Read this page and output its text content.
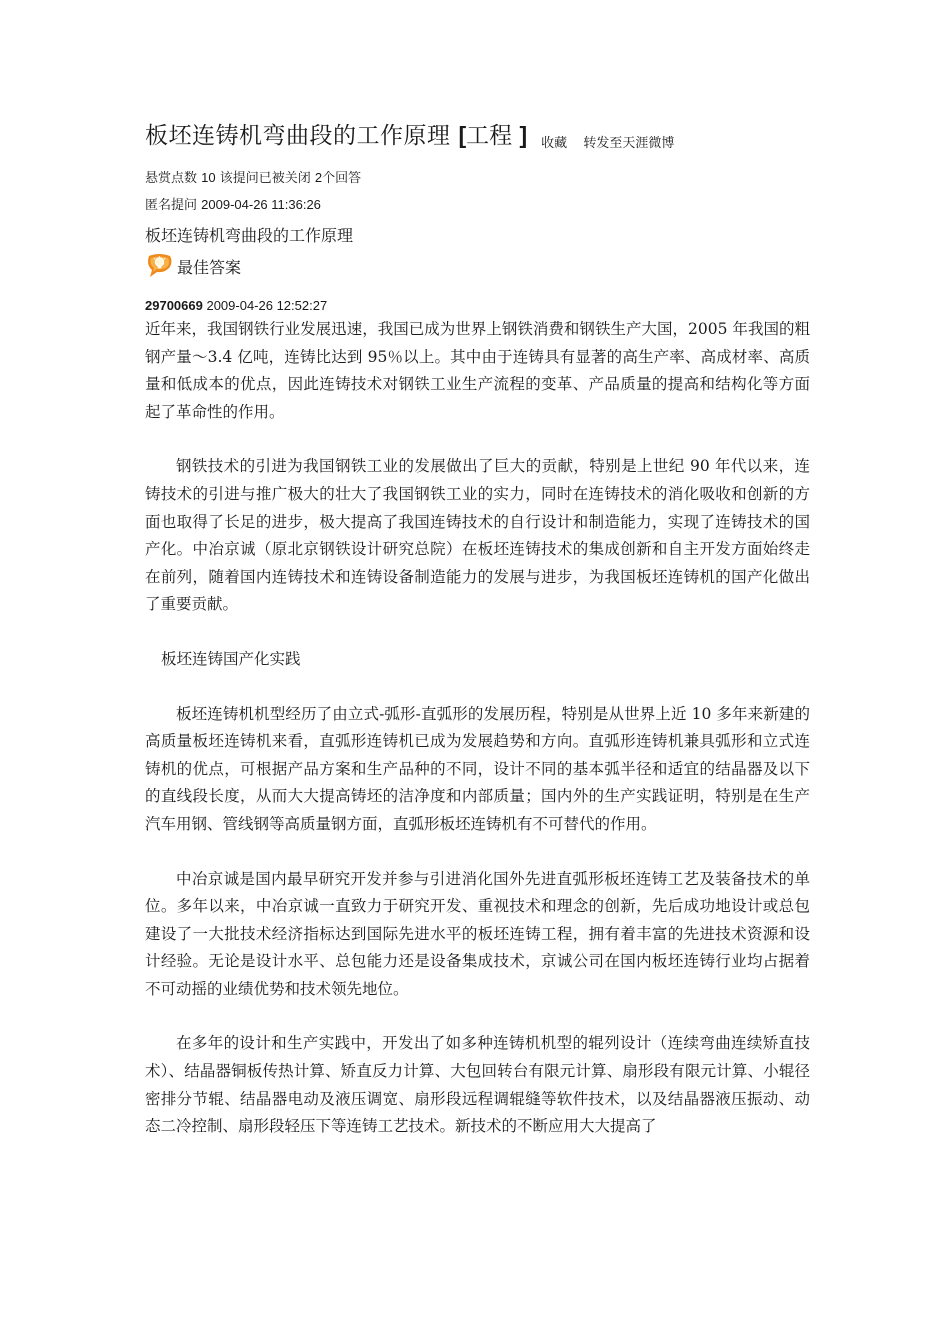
板坯连铸机弯曲段的工作原理 [工程 ] 收藏 转发至天涯微博
悬赏点数 10 该提问已被关闭 2个回答
匿名提问 2009-04-26 11:36:26
板坯连铸机弯曲段的工作原理
最佳答案
29700669 2009-04-26 12:52:27

近年来，我国钢铁行业发展迅速，我国已成为世界上钢铁消费和钢铁生产大国，2005 年我国的粗钢产量～3.4 亿吨，连铸比达到 95％以上。其中由于连铸具有显著的高生产率、高成材率、高质量和低成本的优点，因此连铸技术对钢铁工业生产流程的变革、产品质量的提高和结构化等方面起了革命性的作用。

钢铁技术的引进为我国钢铁工业的发展做出了巨大的贡献，特别是上世纪 90 年代以来，连铸技术的引进与推广极大的壮大了我国钢铁工业的实力，同时在连铸技术的消化吸收和创新的方面也取得了长足的进步，极大提高了我国连铸技术的自行设计和制造能力，实现了连铸技术的国产化。中冶京诚（原北京钢铁设计研究总院）在板坯连铸技术的集成创新和自主开发方面始终走在前列，随着国内连铸技术和连铸设备制造能力的发展与进步，为我国板坯连铸机的国产化做出了重要贡献。

板坯连铸国产化实践

板坯连铸机机型经历了由立式-弧形-直弧形的发展历程，特别是从世界上近 10 多年来新建的高质量板坯连铸机来看，直弧形连铸机已成为发展趋势和方向。直弧形连铸机兼具弧形和立式连铸机的优点，可根据产品方案和生产品种的不同，设计不同的基本弧半径和适宜的结晶器及以下的直线段长度，从而大大提高铸坯的洁净度和内部质量；国内外的生产实践证明，特别是在生产汽车用钢、管线钢等高质量钢方面，直弧形板坯连铸机有不可替代的作用。

中冶京诚是国内最早研究开发并参与引进消化国外先进直弧形板坯连铸工艺及装备技术的单位。多年以来，中冶京诚一直致力于研究开发、重视技术和理念的创新，先后成功地设计或总包建设了一大批技术经济指标达到国际先进水平的板坯连铸工程，拥有着丰富的先进技术资源和设计经验。无论是设计水平、总包能力还是设备集成技术，京诚公司在国内板坯连铸行业均占据着不可动摇的业绩优势和技术领先地位。

在多年的设计和生产实践中，开发出了如多种连铸机机型的辊列设计（连续弯曲连续矫直技术）、结晶器铜板传热计算、矫直反力计算、大包回转台有限元计算、扇形段有限元计算、小辊径密排分节辊、结晶器电动及液压调宽、扇形段远程调辊缝等软件技术，以及结晶器液压振动、动态二冷控制、扇形段轻压下等连铸工艺技术。新技术的不断应用大大提高了
